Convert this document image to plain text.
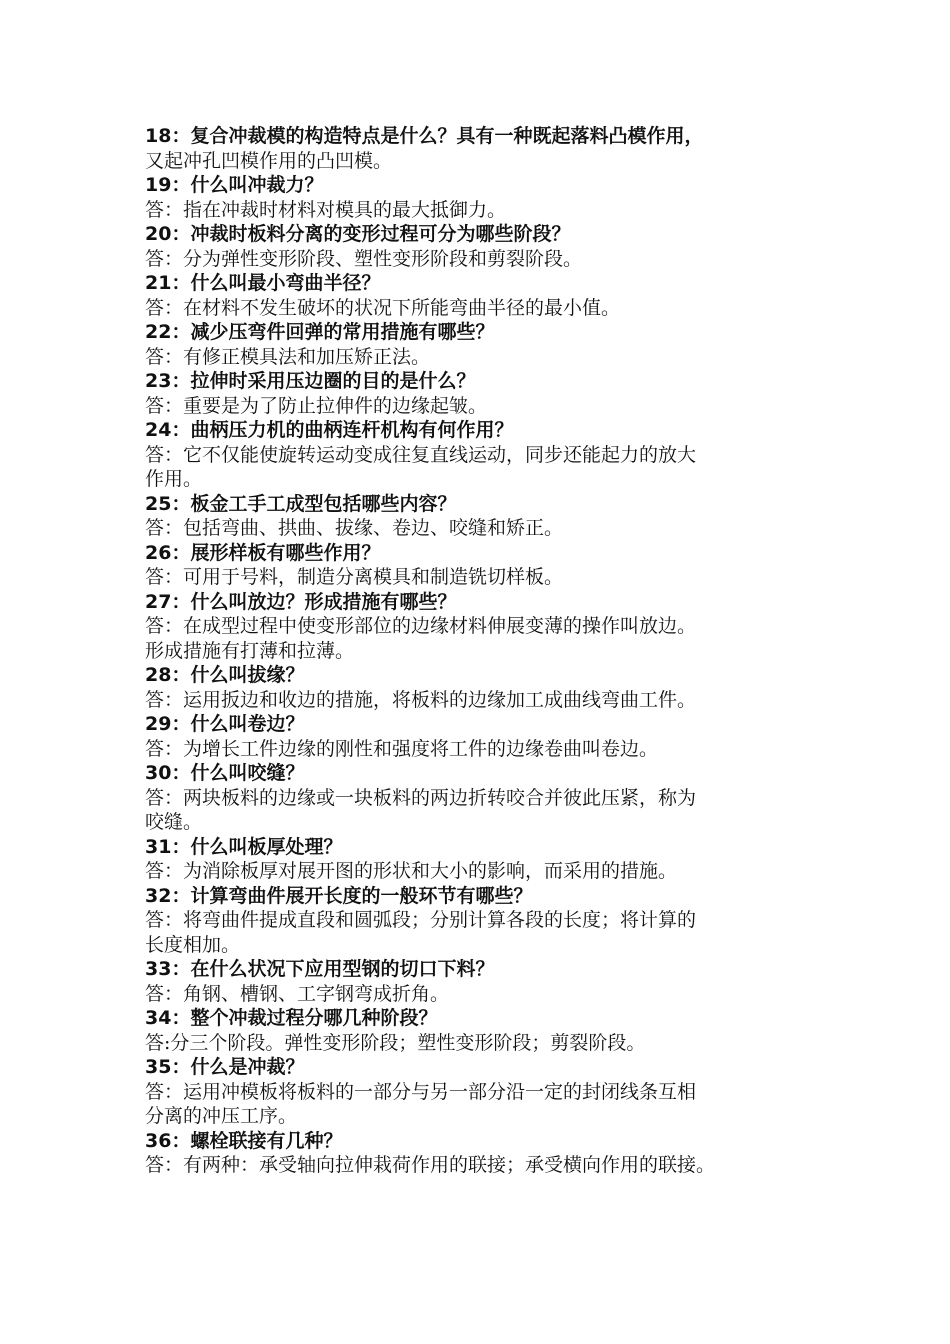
18：复合冲裁模的构造特点是什么？具有一种既起落料凸模作用，

又起冲孔凹模作用的凸凹模。

19：什么叫冲裁力？

答：指在冲裁时材料对模具的最大抵御力。

20：冲裁时板料分离的变形过程可分为哪些阶段？

答：分为弹性变形阶段、塑性变形阶段和剪裂阶段。

21：什么叫最小弯曲半径？

答：在材料不发生破坏的状况下所能弯曲半径的最小值。

22：减少压弯件回弹的常用措施有哪些？

答：有修正模具法和加压矫正法。

23：拉伸时采用压边圈的目的是什么？

答：重要是为了防止拉伸件的边缘起皱。

24：曲柄压力机的曲柄连杆机构有何作用？

答：它不仅能使旋转运动变成往复直线运动，同步还能起力的放大

作用。

25：板金工手工成型包括哪些内容？

答：包括弯曲、拱曲、拔缘、卷边、咬缝和矫正。

26：展形样板有哪些作用？

答：可用于号料，制造分离模具和制造铣切样板。

27：什么叫放边？形成措施有哪些？

答：在成型过程中使变形部位的边缘材料伸展变薄的操作叫放边。

形成措施有打薄和拉薄。

28：什么叫拔缘？

答：运用扳边和收边的措施，将板料的边缘加工成曲线弯曲工件。

29：什么叫卷边？

答：为增长工件边缘的刚性和强度将工件的边缘卷曲叫卷边。

30：什么叫咬缝？

答：两块板料的边缘或一块板料的两边折转咬合并彼此压紧，称为

咬缝。

31：什么叫板厚处理？

答：为消除板厚对展开图的形状和大小的影响，而采用的措施。

32：计算弯曲件展开长度的一般环节有哪些？

答：将弯曲件提成直段和圆弧段；分别计算各段的长度；将计算的

长度相加。

33：在什么状况下应用型钢的切口下料？

答：角钢、槽钢、工字钢弯成折角。

34：整个冲裁过程分哪几种阶段？

答:分三个阶段。弹性变形阶段；塑性变形阶段；剪裂阶段。

35：什么是冲裁？

答：运用冲模板将板料的一部分与另一部分沿一定的封闭线条互相

分离的冲压工序。

36：螺栓联接有几种？

答：有两种：承受轴向拉伸栽荷作用的联接；承受横向作用的联接。
